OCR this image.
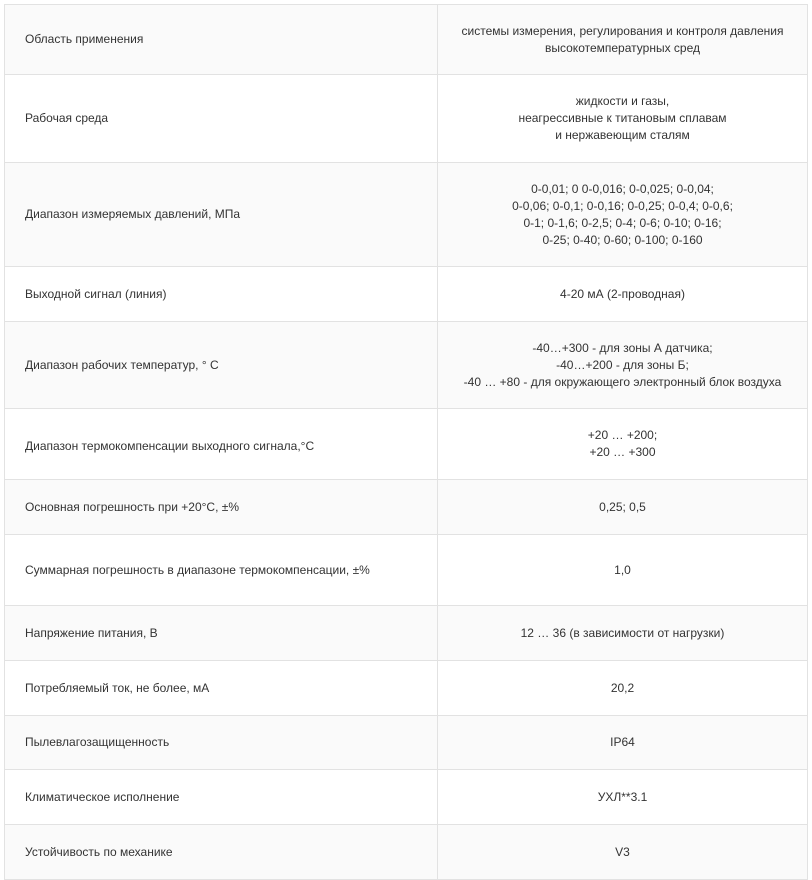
Область применения	системы измерения, регулирования и контроля давления
высокотемпературных сред

Рабочая среда	жидкости и газы,
неагрессивные к титановым сплавам
и нержавеющим сталям

Диапазон измеряемых давлений, МПа	0-0,01; 0 0-0,016; 0-0,025; 0-0,04;
0-0,06; 0-0,1; 0-0,16; 0-0,25; 0-0,4; 0-0,6;
0-1; 0-1,6; 0-2,5; 0-4; 0-6; 0-10; 0-16;
0-25; 0-40; 0-60; 0-100; 0-160

Выходной сигнал (линия)	4-20 мА (2-проводная)

Диапазон рабочих температур, ° С	-40…+300 - для зоны А датчика;
-40…+200 - для зоны Б;
-40 … +80 - для окружающего электронный блок воздуха

Диапазон термокомпенсации выходного сигнала,°С	+20 … +200;
+20 … +300

Основная погрешность при +20°С, ±%	0,25; 0,5

Суммарная погрешность в диапазоне термокомпенсации, ±%	1,0

Напряжение питания, В	12 … 36 (в зависимости от нагрузки)

Потребляемый ток, не более, мА	20,2

Пылевлагозащищенность	IP64

Климатическое исполнение	УХЛ**3.1

Устойчивость по механике	V3
